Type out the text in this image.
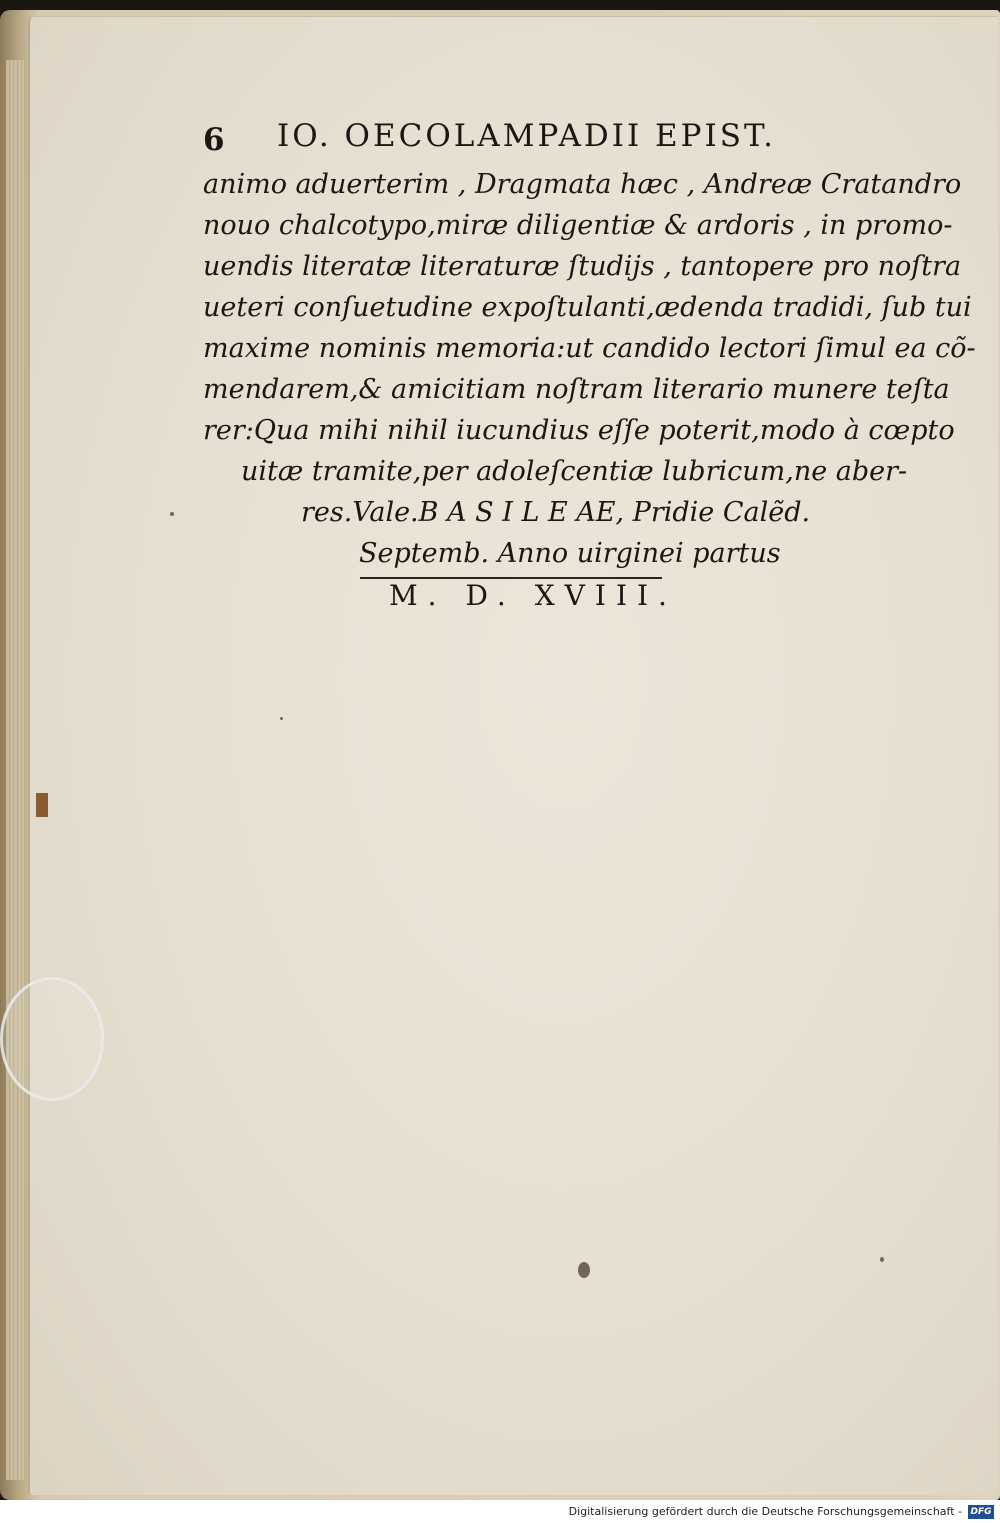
6 IO. OECOLAMPADII EPIST.
animo aduerterim , Dragmata hæc , Andreæ Cratandro
nouo chalcotypo,miræ diligentiæ & ardoris , in promo-
uendis literatæ literaturæ ſtudijs , tantopere pro noſtra
ueteri conſuetudine expoſtulanti,ædenda tradidi, ſub tui
maxime nominis memoria:ut candido lectori ſimul ea cõ-
mendarem,& amicitiam noſtram literario munere teſta
rer:Qua mihi nihil iucundius eſſe poterit,modo à cœpto
uitæ tramite,per adoleſcentiæ lubricum,ne aber-
res.Vale.B A S I L E AE, Pridie Calẽd.
Septemb. Anno uirginei partus
M. D. XVIII.
Digitalisierung gefördert durch die Deutsche Forschungsgemeinschaft - DFG
